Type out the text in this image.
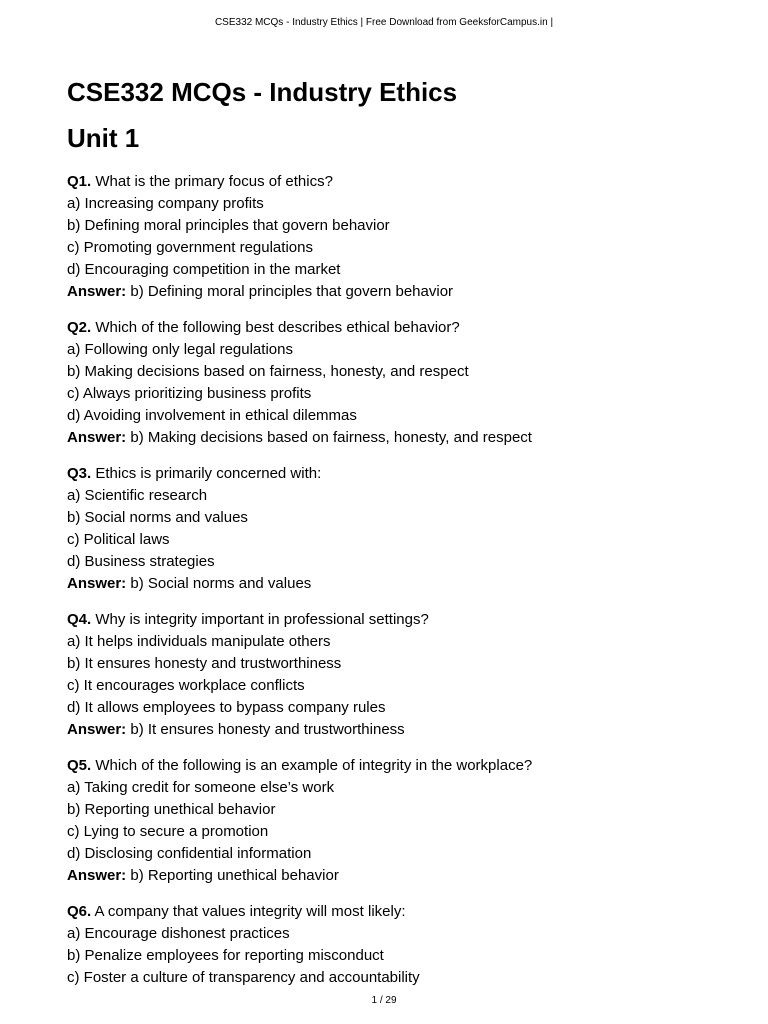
CSE332 MCQs - Industry Ethics | Free Download from GeeksforCampus.in |
CSE332 MCQs - Industry Ethics
Unit 1
Q1. What is the primary focus of ethics?
a) Increasing company profits
b) Defining moral principles that govern behavior
c) Promoting government regulations
d) Encouraging competition in the market
Answer: b) Defining moral principles that govern behavior
Q2. Which of the following best describes ethical behavior?
a) Following only legal regulations
b) Making decisions based on fairness, honesty, and respect
c) Always prioritizing business profits
d) Avoiding involvement in ethical dilemmas
Answer: b) Making decisions based on fairness, honesty, and respect
Q3. Ethics is primarily concerned with:
a) Scientific research
b) Social norms and values
c) Political laws
d) Business strategies
Answer: b) Social norms and values
Q4. Why is integrity important in professional settings?
a) It helps individuals manipulate others
b) It ensures honesty and trustworthiness
c) It encourages workplace conflicts
d) It allows employees to bypass company rules
Answer: b) It ensures honesty and trustworthiness
Q5. Which of the following is an example of integrity in the workplace?
a) Taking credit for someone else’s work
b) Reporting unethical behavior
c) Lying to secure a promotion
d) Disclosing confidential information
Answer: b) Reporting unethical behavior
Q6. A company that values integrity will most likely:
a) Encourage dishonest practices
b) Penalize employees for reporting misconduct
c) Foster a culture of transparency and accountability
1 / 29
